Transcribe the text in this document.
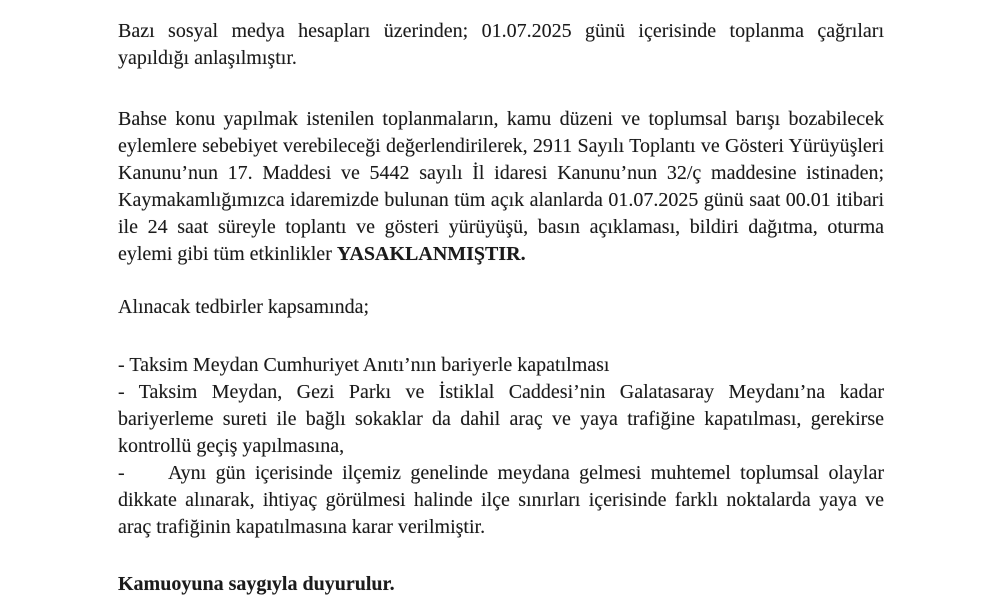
Bazı sosyal medya hesapları üzerinden; 01.07.2025 günü içerisinde toplanma çağrıları yapıldığı anlaşılmıştır.

Bahse konu yapılmak istenilen toplanmaların, kamu düzeni ve toplumsal barışı bozabilecek eylemlere sebebiyet verebileceği değerlendirilerek, 2911 Sayılı Toplantı ve Gösteri Yürüyüşleri Kanunu’nun 17. Maddesi ve 5442 sayılı İl idaresi Kanunu’nun 32/ç maddesine istinaden; Kaymakamlığımızca idaremizde bulunan tüm açık alanlarda 01.07.2025 günü saat 00.01 itibari ile 24 saat süreyle toplantı ve gösteri yürüyüşü, basın açıklaması, bildiri dağıtma, oturma eylemi gibi tüm etkinlikler YASAKLANMIŞTIR.

Alınacak tedbirler kapsamında;

- Taksim Meydan Cumhuriyet Anıtı’nın bariyerle kapatılması

- Taksim Meydan, Gezi Parkı ve İstiklal Caddesi’nin Galatasaray Meydanı’na kadar bariyerleme sureti ile bağlı sokaklar da dahil araç ve yaya trafiğine kapatılması, gerekirse kontrollü geçiş yapılmasına,

- Aynı gün içerisinde ilçemiz genelinde meydana gelmesi muhtemel toplumsal olaylar dikkate alınarak, ihtiyaç görülmesi halinde ilçe sınırları içerisinde farklı noktalarda yaya ve araç trafiğinin kapatılmasına karar verilmiştir.

Kamuoyuna saygıyla duyurulur.
